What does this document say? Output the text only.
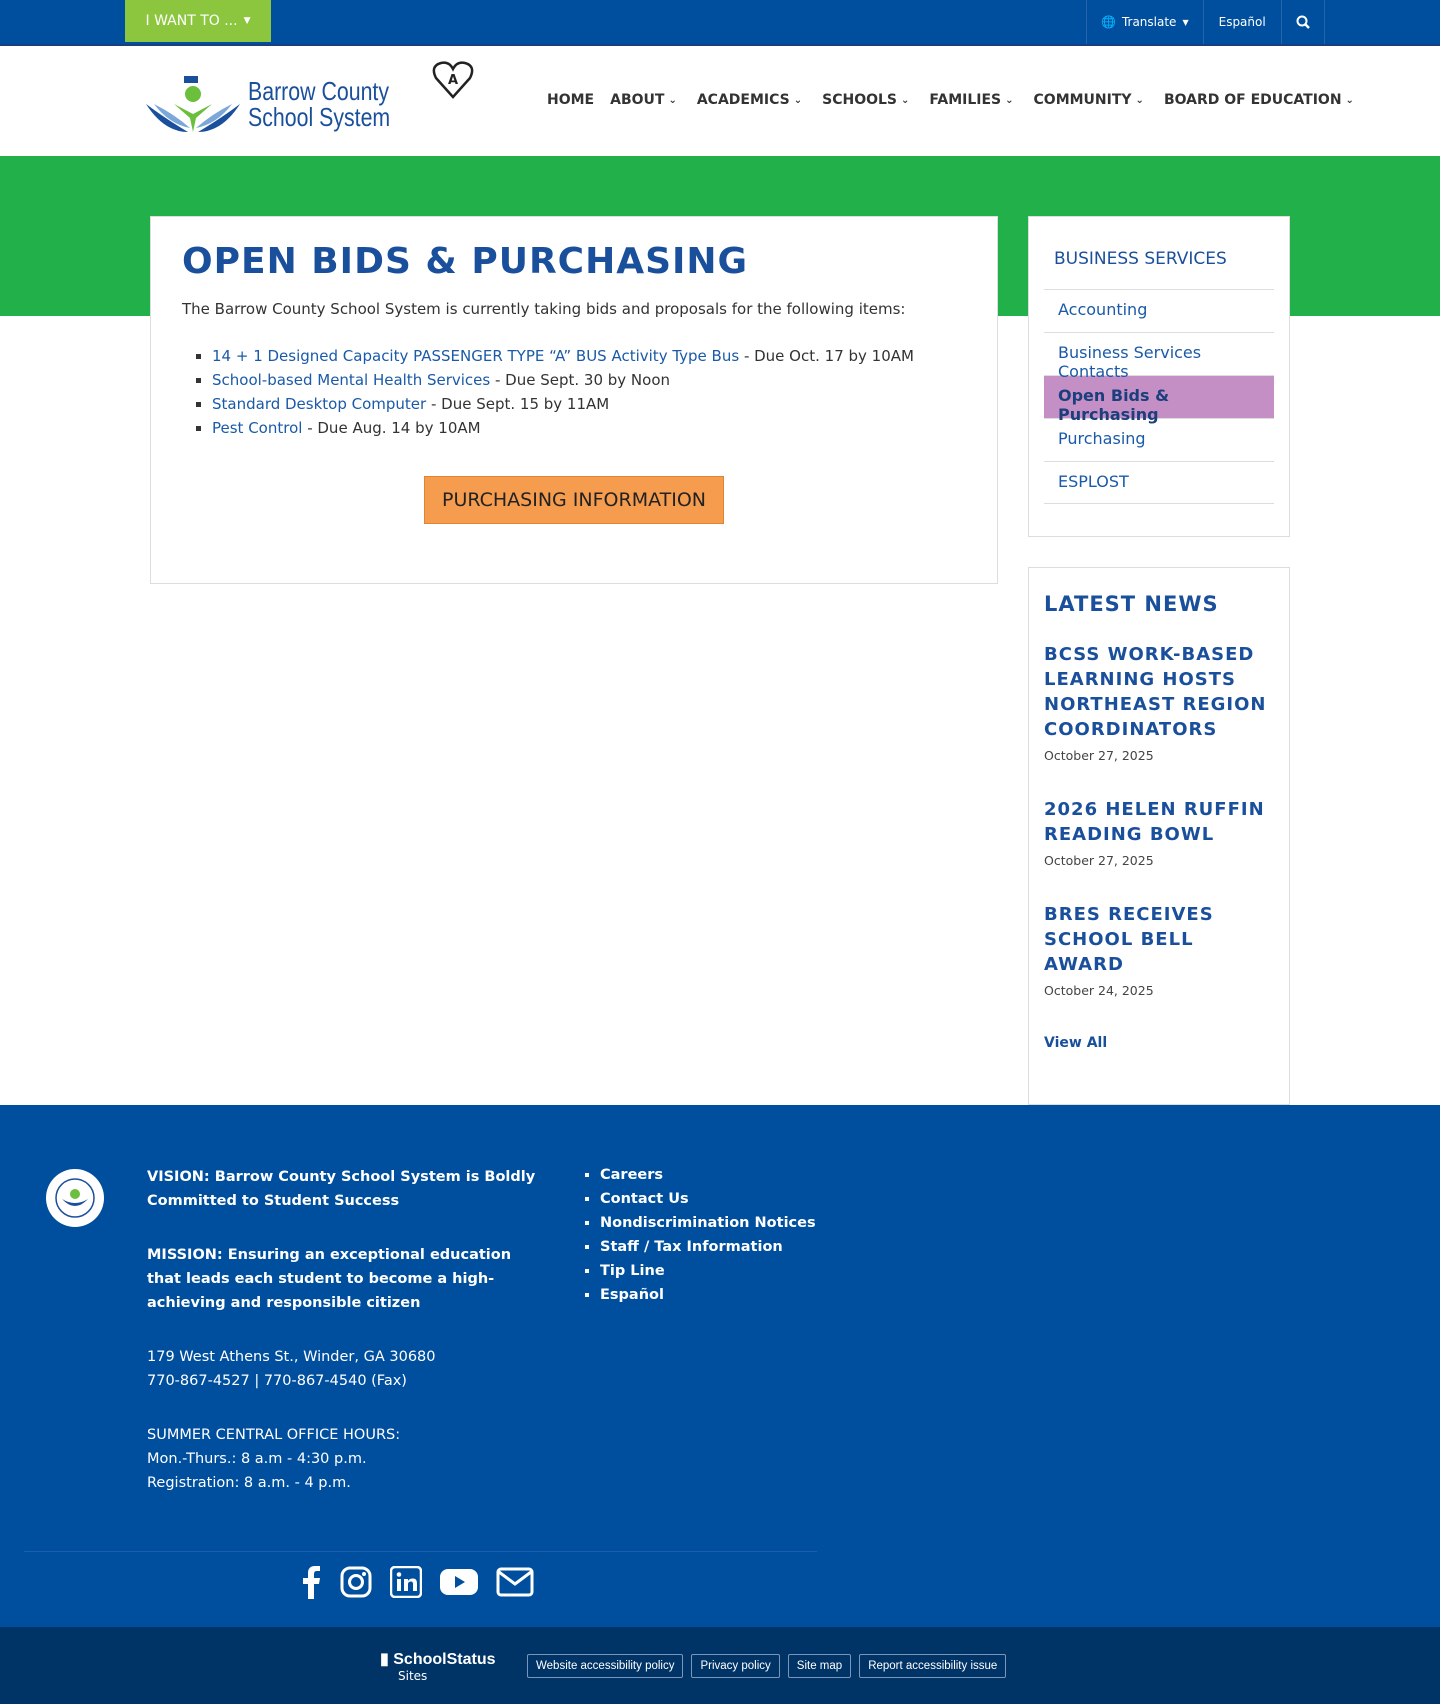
I WANT TO ... ▼	🌐 Translate ▼	Español
Barrow County
School System
A
HOME ABOUT ⌄ ACADEMICS ⌄ SCHOOLS ⌄ FAMILIES ⌄ COMMUNITY ⌄ BOARD OF EDUCATION ⌄
OPEN BIDS & PURCHASING

The Barrow County School System is currently taking bids and proposals for the following items:

▪ 14 + 1 Designed Capacity PASSENGER TYPE “A” BUS Activity Type Bus - Due Oct. 17 by 10AM
▪ School-based Mental Health Services - Due Sept. 30 by Noon
▪ Standard Desktop Computer - Due Sept. 15 by 11AM
▪ Pest Control - Due Aug. 14 by 10AM
PURCHASING INFORMATION
BUSINESS SERVICES
Accounting
Business Services Contacts
Open Bids & Purchasing
Purchasing
ESPLOST
LATEST NEWS
BCSS WORK-BASED LEARNING HOSTS NORTHEAST REGION COORDINATORS
October 27, 2025
2026 HELEN RUFFIN READING BOWL
October 27, 2025
BRES RECEIVES SCHOOL BELL AWARD
October 24, 2025
View All
VISION: Barrow County School System is Boldly Committed to Student Success
MISSION: Ensuring an exceptional education that leads each student to become a high-achieving and responsible citizen
179 West Athens St., Winder, GA 30680
770-867-4527 | 770-867-4540 (Fax)
SUMMER CENTRAL OFFICE HOURS:
Mon.-Thurs.: 8 a.m - 4:30 p.m.
Registration: 8 a.m. - 4 p.m.
▪ Careers
▪ Contact Us
▪ Nondiscrimination Notices
▪ Staff / Tax Information
▪ Tip Line
▪ Español
▮ SchoolStatus
Sites
Website accessibility policy	Privacy policy	Site map	Report accessibility issue
